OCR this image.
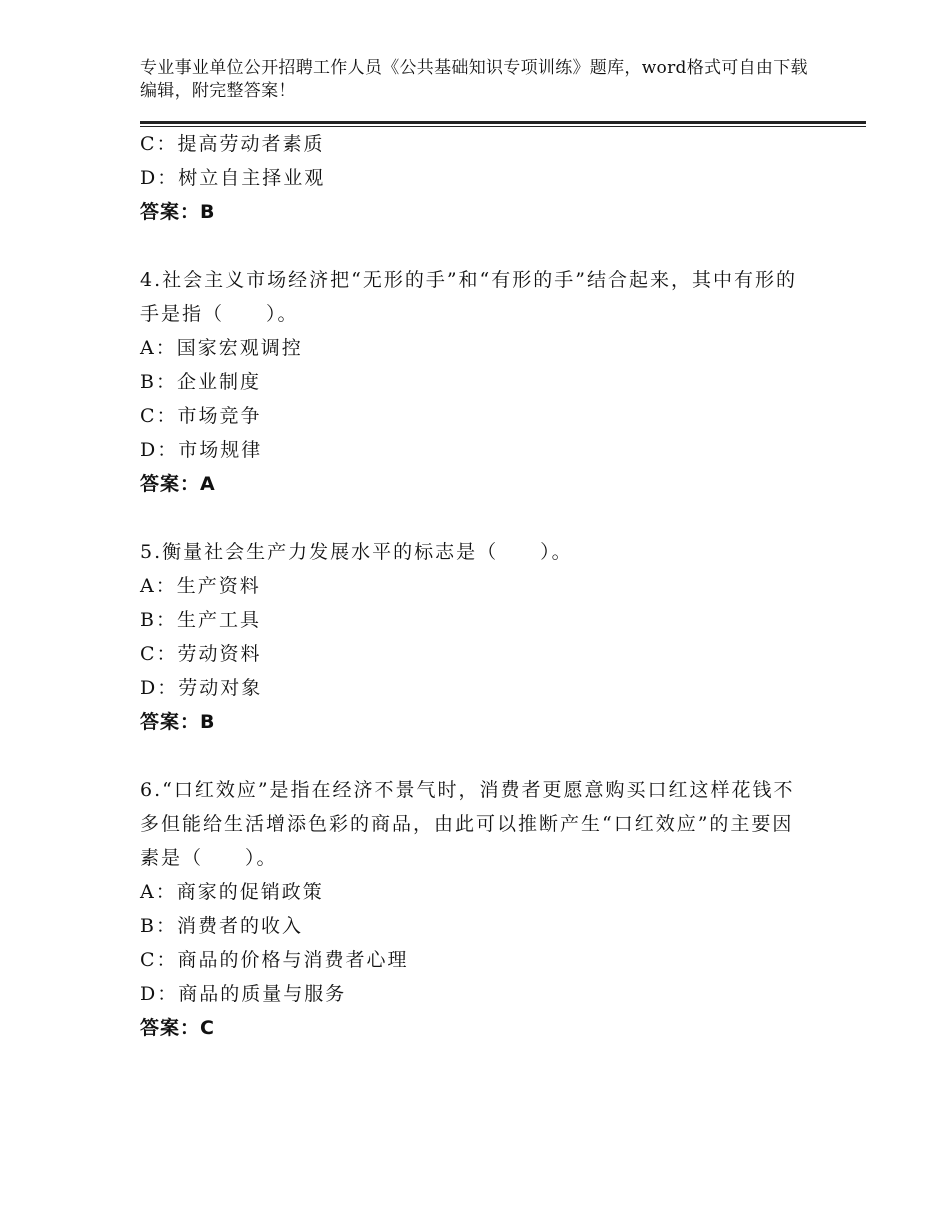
专业事业单位公开招聘工作人员《公共基础知识专项训练》题库，word格式可自由下载编辑，附完整答案！
C：提高劳动者素质
D：树立自主择业观
答案：B
4.社会主义市场经济把“无形的手”和“有形的手”结合起来，其中有形的手是指（　　）。
A：国家宏观调控
B：企业制度
C：市场竞争
D：市场规律
答案：A
5.衡量社会生产力发展水平的标志是（　　）。
A：生产资料
B：生产工具
C：劳动资料
D：劳动对象
答案：B
6.“口红效应”是指在经济不景气时，消费者更愿意购买口红这样花钱不多但能给生活增添色彩的商品，由此可以推断产生“口红效应”的主要因素是（　　）。
A：商家的促销政策
B：消费者的收入
C：商品的价格与消费者心理
D：商品的质量与服务
答案：C
